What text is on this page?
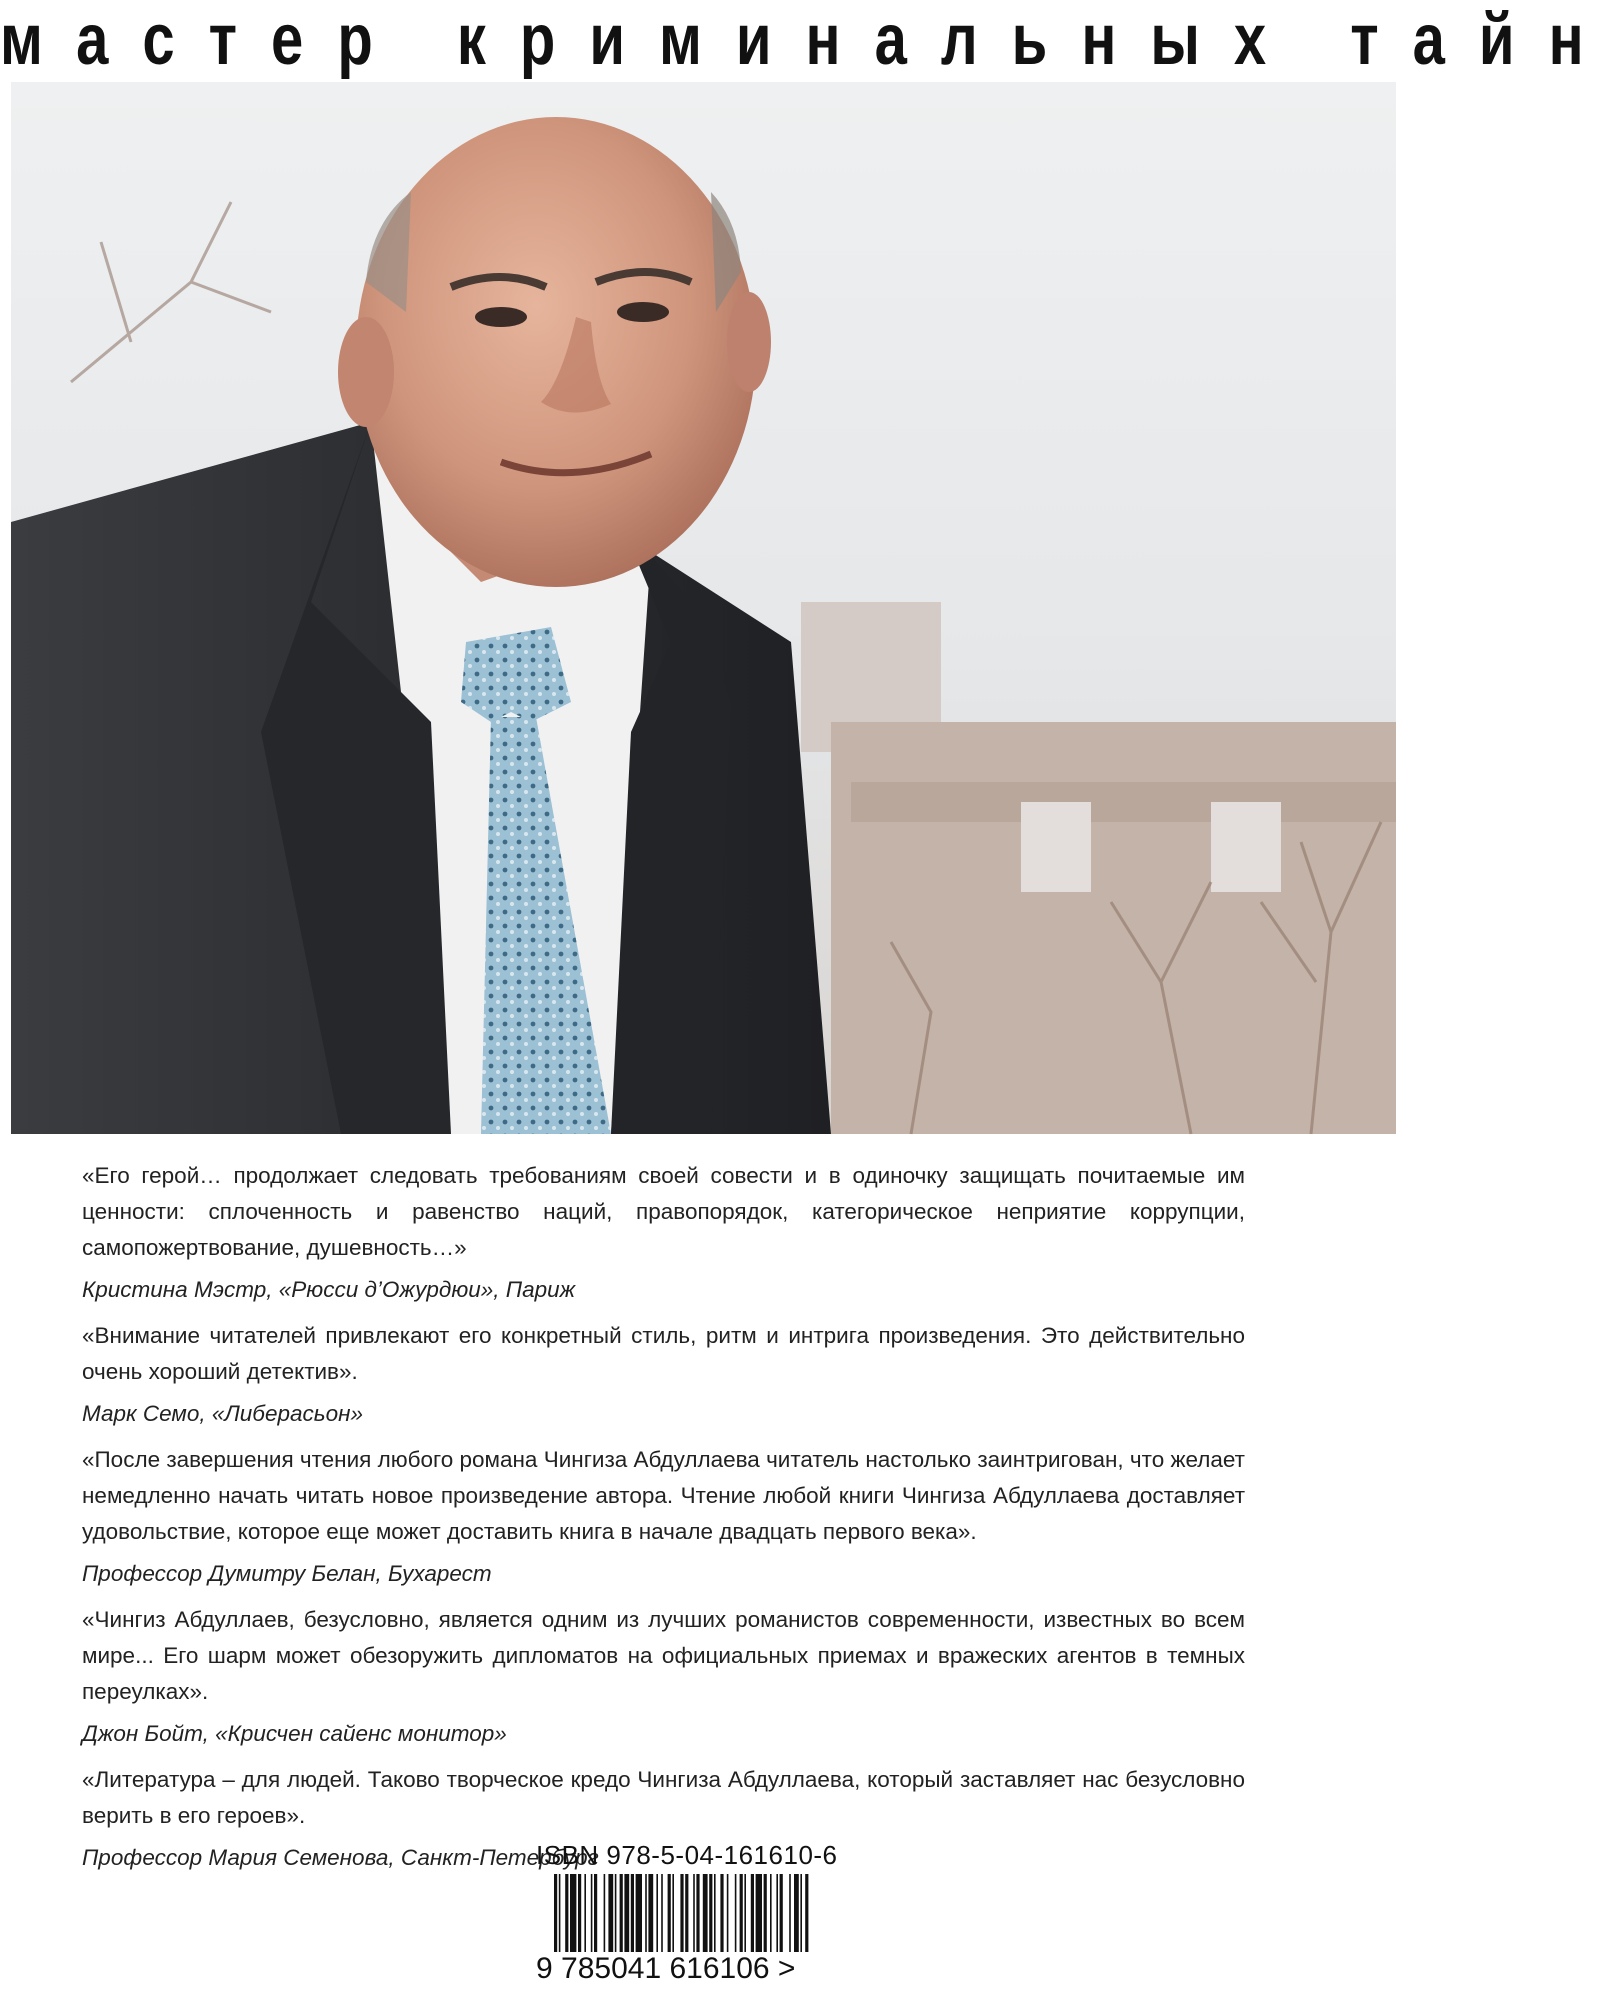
мастер криминальных тайн

«Его герой… продолжает следовать требованиям своей совести и в одиночку защищать почитаемые им ценности: сплоченность и равенство наций, правопорядок, категорическое неприятие коррупции, самопожертвование, душевность…»

Кристина Мэстр, «Рюсси д’Ожурдюи», Париж

«Внимание читателей привлекают его конкретный стиль, ритм и интрига произведения. Это действительно очень хороший детектив».

Марк Семо, «Либерасьон»

«После завершения чтения любого романа Чингиза Абдуллаева читатель настолько заинтригован, что желает немедленно начать читать новое произведение автора. Чтение любой книги Чингиза Абдуллаева доставляет удовольствие, которое еще может доставить книга в начале двадцать первого века».

Профессор Думитру Белан, Бухарест

«Чингиз Абдуллаев, безусловно, является одним из лучших романистов современности, известных во всем мире... Его шарм может обезоружить дипломатов на официальных приемах и вражеских агентов в темных переулках».

Джон Бойт, «Крисчен сайенс монитор»

«Литература – для людей. Таково творческое кредо Чингиза Абдуллаева, который заставляет нас безусловно верить в его героев».

Профессор Мария Семенова, Санкт-Петербург

ISBN 978-5-04-161610-6
9 785041 616106 >
